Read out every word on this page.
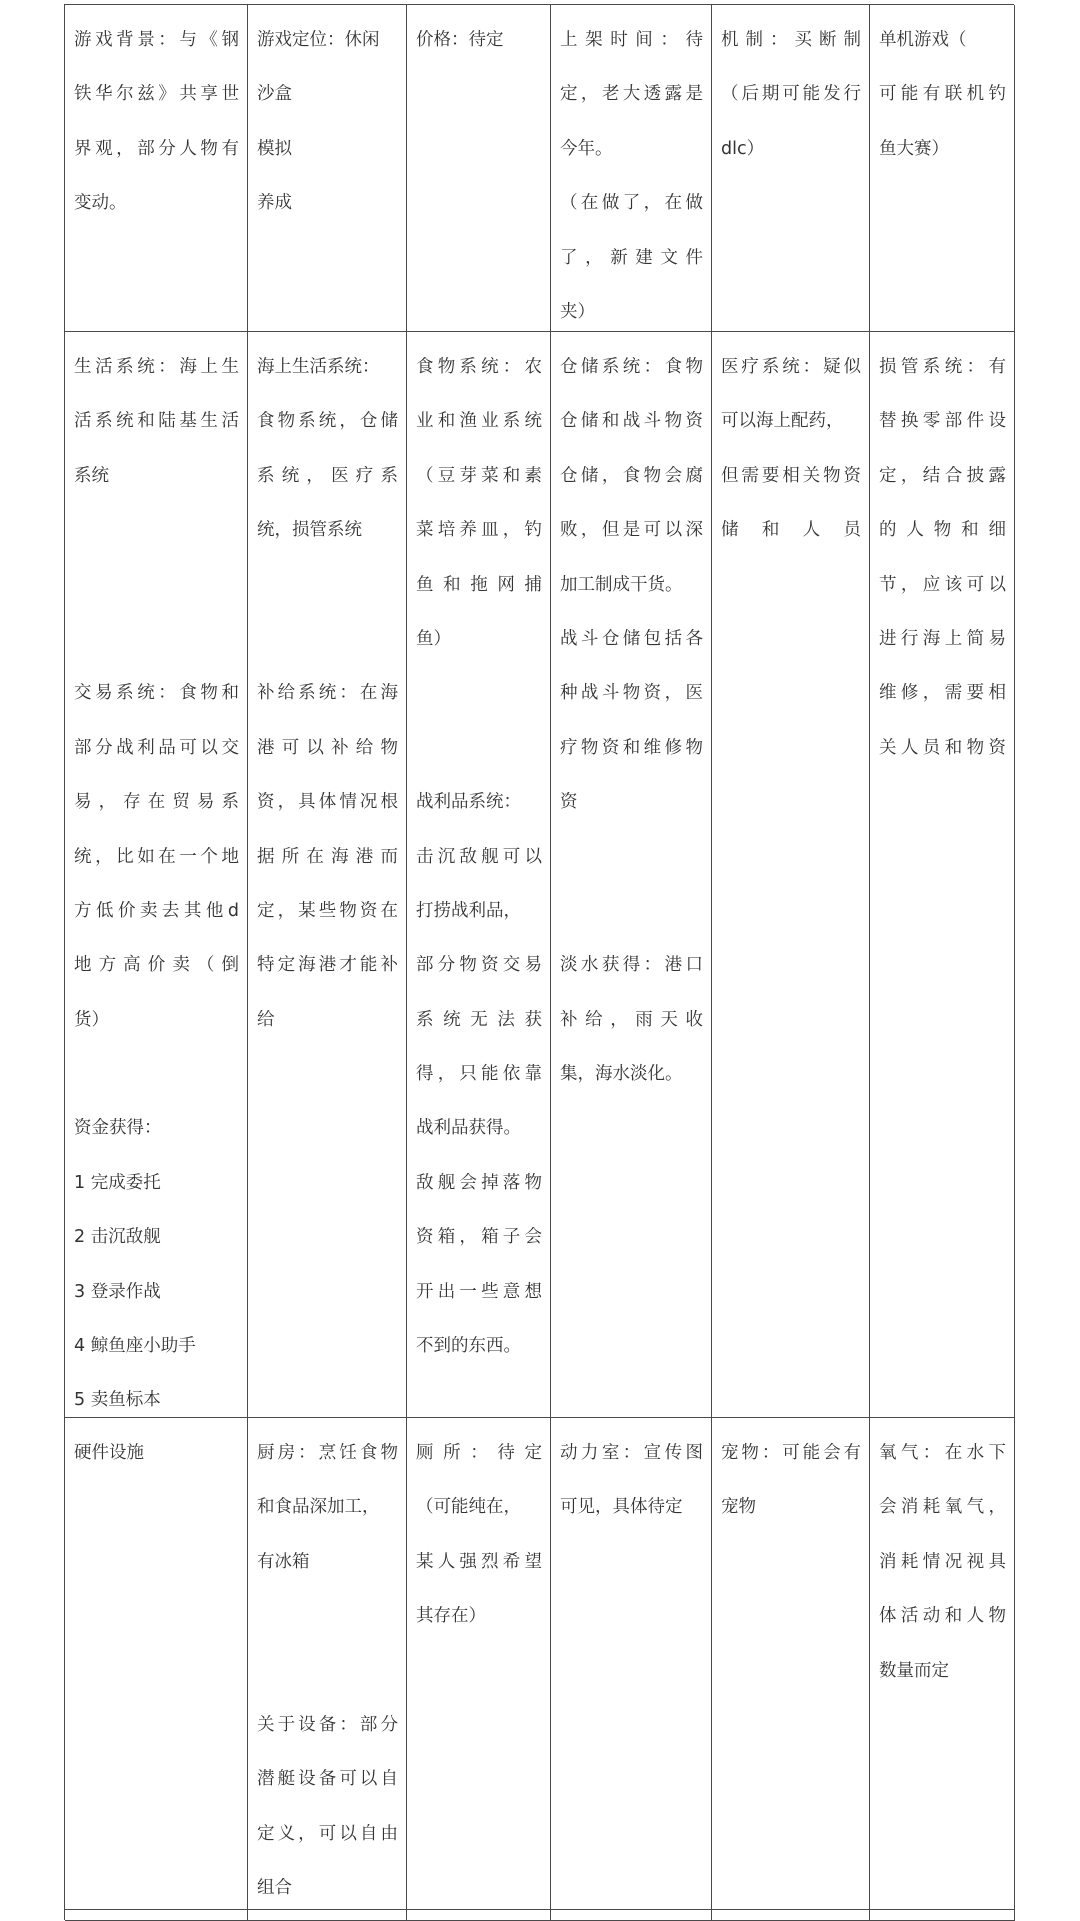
游戏背景：与《钢
铁华尔兹》共享世
界观，部分人物有
变动。
游戏定位：休闲
沙盒
模拟
养成
价格：待定	上架时间：待
定，老大透露是
今年。
（在做了，在做
了，新建文件
夹）
机制：买断制
（后期可能发行
dlc）
单机游戏（
可能有联机钓
鱼大赛）
生活系统：海上生
活系统和陆基生活
系统
交易系统：食物和
部分战利品可以交
易，存在贸易系
统，比如在一个地
方低价卖去其他d
地方高价卖（倒
货）
资金获得：
1 完成委托
2 击沉敌舰
3 登录作战
4 鲸鱼座小助手
5 卖鱼标本
海上生活系统：
食物系统，仓储
系统，医疗系
统，损管系统
补给系统：在海
港可以补给物
资，具体情况根
据所在海港而
定，某些物资在
特定海港才能补
给
食物系统：农
业和渔业系统
（豆芽菜和素
菜培养皿，钓
鱼和拖网捕
鱼）
战利品系统：
击沉敌舰可以
打捞战利品，
部分物资交易
系统无法获
得，只能依靠
战利品获得。
敌舰会掉落物
资箱，箱子会
开出一些意想
不到的东西。
仓储系统：食物
仓储和战斗物资
仓储，食物会腐
败，但是可以深
加工制成干货。
战斗仓储包括各
种战斗物资，医
疗物资和维修物
资
淡水获得：港口
补给，雨天收
集，海水淡化。
医疗系统：疑似
可以海上配药，
但需要相关物资
储和人员
损管系统：有
替换零部件设
定，结合披露
的人物和细
节，应该可以
进行海上简易
维修，需要相
关人员和物资
硬件设施	厨房：烹饪食物
和食品深加工，
有冰箱
关于设备：部分
潜艇设备可以自
定义，可以自由
组合
厕所：待定
（可能纯在，
某人强烈希望
其存在）
动力室：宣传图
可见，具体待定
宠物：可能会有
宠物
氧气：在水下
会消耗氧气，
消耗情况视具
体活动和人物
数量而定
